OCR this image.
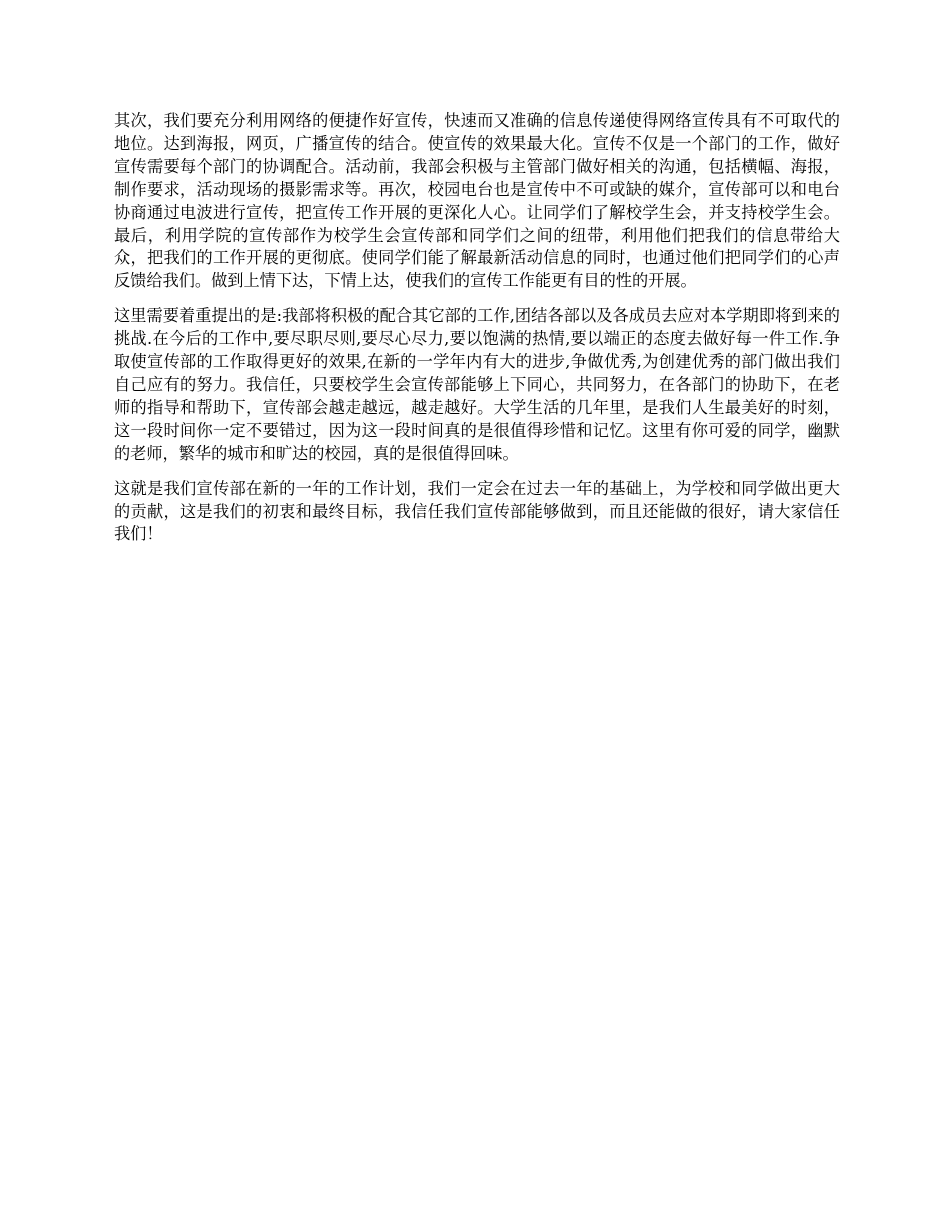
其次，我们要充分利用网络的便捷作好宣传，快速而又准确的信息传递使得网络宣传具有不可取代的地位。达到海报，网页，广播宣传的结合。使宣传的效果最大化。宣传不仅是一个部门的工作，做好宣传需要每个部门的协调配合。活动前，我部会积极与主管部门做好相关的沟通，包括横幅、海报，制作要求，活动现场的摄影需求等。再次，校园电台也是宣传中不可或缺的媒介，宣传部可以和电台协商通过电波进行宣传，把宣传工作开展的更深化人心。让同学们了解校学生会，并支持校学生会。最后，利用学院的宣传部作为校学生会宣传部和同学们之间的纽带，利用他们把我们的信息带给大众，把我们的工作开展的更彻底。使同学们能了解最新活动信息的同时，也通过他们把同学们的心声反馈给我们。做到上情下达，下情上达，使我们的宣传工作能更有目的性的开展。

这里需要着重提出的是:我部将积极的配合其它部的工作,团结各部以及各成员去应对本学期即将到来的挑战.在今后的工作中,要尽职尽则,要尽心尽力,要以饱满的热情,要以端正的态度去做好每一件工作.争取使宣传部的工作取得更好的效果,在新的一学年内有大的进步,争做优秀,为创建优秀的部门做出我们自己应有的努力。我信任，只要校学生会宣传部能够上下同心，共同努力，在各部门的协助下，在老师的指导和帮助下，宣传部会越走越远，越走越好。大学生活的几年里，是我们人生最美好的时刻，这一段时间你一定不要错过，因为这一段时间真的是很值得珍惜和记忆。这里有你可爱的同学，幽默的老师，繁华的城市和旷达的校园，真的是很值得回味。

这就是我们宣传部在新的一年的工作计划，我们一定会在过去一年的基础上，为学校和同学做出更大的贡献，这是我们的初衷和最终目标，我信任我们宣传部能够做到，而且还能做的很好，请大家信任我们！
